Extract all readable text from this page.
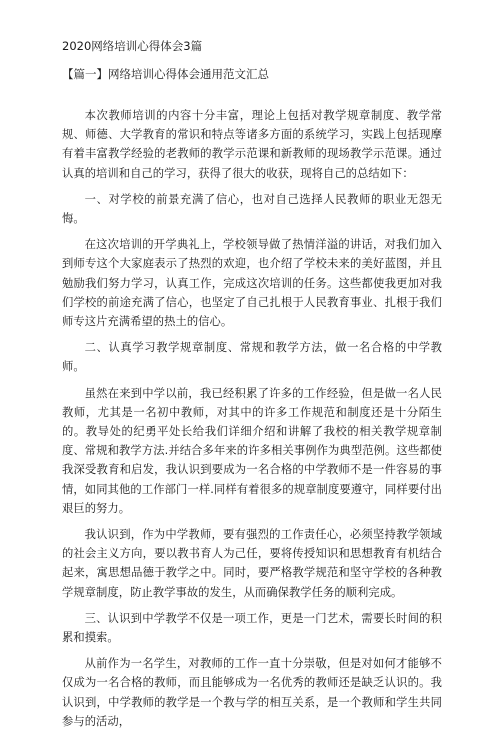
2020网络培训心得体会3篇
【篇一】网络培训心得体会通用范文汇总

本次教师培训的内容十分丰富，理论上包括对教学规章制度、教学常规、师德、大学教育的常识和特点等诸多方面的系统学习，实践上包括现摩有着丰富教学经验的老教师的教学示范课和新教师的现场教学示范课。通过认真的培训和自己的学习，获得了很大的收获，现将自己的总结如下：

一、对学校的前景充满了信心，也对自己选择人民教师的职业无怨无悔。

在这次培训的开学典礼上，学校领导做了热情洋溢的讲话，对我们加入到师专这个大家庭表示了热烈的欢迎，也介绍了学校未来的美好蓝图，并且勉励我们努力学习，认真工作，完成这次培训的任务。这些都使我更加对我们学校的前途充满了信心，也坚定了自己扎根于人民教育事业、扎根于我们师专这片充满希望的热土的信心。

二、认真学习教学规章制度、常规和教学方法，做一名合格的中学教师。

虽然在来到中学以前，我已经积累了许多的工作经验，但是做一名人民教师，尤其是一名初中教师，对其中的许多工作规范和制度还是十分陌生的。教导处的纪勇平处长给我们详细介绍和讲解了我校的相关教学规章制度、常规和教学方法.并结合多年来的许多相关事例作为典型范例。这些都使我深受教育和启发，我认识到要成为一名合格的中学教师不是一件容易的事情，如同其他的工作部门一样.同样有着很多的规章制度要遵守，同样要付出艰巨的努力。

我认识到，作为中学教师，要有强烈的工作责任心，必须坚持教学领域的社会主义方向，要以教书育人为己任，要将传授知识和思想教育有机结合起来，寓思想品德于教学之中。同时，要严格教学规范和坚守学校的各种教学规章制度，防止教学事故的发生，从而确保教学任务的顺利完成。

三、认识到中学教学不仅是一项工作，更是一门艺术，需要长时间的积累和摸索。

从前作为一名学生，对教师的工作一直十分崇敬，但是对如何才能够不仅成为一名合格的教师，而且能够成为一名优秀的教师还是缺乏认识的。我认识到，中学教师的教学是一个教与学的相互关系，是一个教师和学生共同参与的活动，
